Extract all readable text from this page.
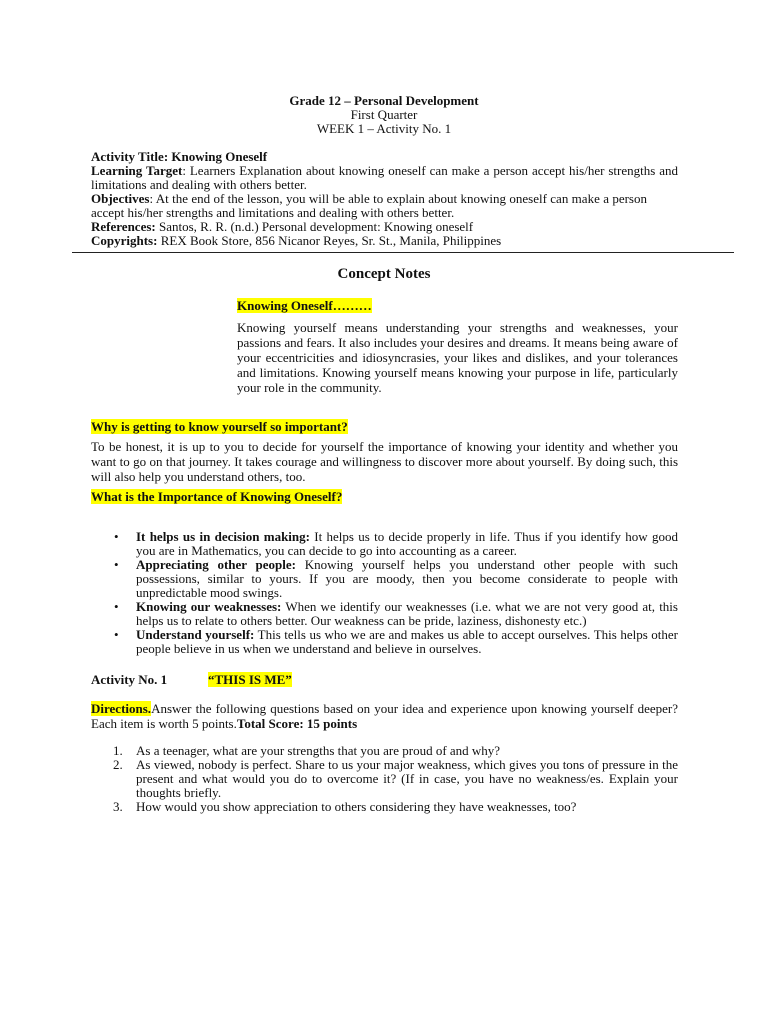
Grade 12 – Personal Development
First Quarter
WEEK 1 – Activity No. 1
Activity Title: Knowing Oneself
Learning Target: Learners Explanation about knowing oneself can make a person accept his/her strengths and limitations and dealing with others better.
Objectives: At the end of the lesson, you will be able to explain about knowing oneself can make a person accept his/her strengths and limitations and dealing with others better.
References: Santos, R. R. (n.d.) Personal development: Knowing oneself
Copyrights: REX Book Store, 856 Nicanor Reyes, Sr. St., Manila, Philippines
Concept Notes
Knowing Oneself………
Knowing yourself means understanding your strengths and weaknesses, your passions and fears. It also includes your desires and dreams. It means being aware of your eccentricities and idiosyncrasies, your likes and dislikes, and your tolerances and limitations. Knowing yourself means knowing your purpose in life, particularly your role in the community.
Why is getting to know yourself so important?
To be honest, it is up to you to decide for yourself the importance of knowing your identity and whether you want to go on that journey. It takes courage and willingness to discover more about yourself. By doing such, this will also help you understand others, too.
What is the Importance of Knowing Oneself?
• It helps us in decision making: It helps us to decide properly in life. Thus if you identify how good you are in Mathematics, you can decide to go into accounting as a career.
• Appreciating other people: Knowing yourself helps you understand other people with such possessions, similar to yours. If you are moody, then you become considerate to people with unpredictable mood swings.
• Knowing our weaknesses: When we identify our weaknesses (i.e. what we are not very good at, this helps us to relate to others better. Our weakness can be pride, laziness, dishonesty etc.)
• Understand yourself: This tells us who we are and makes us able to accept ourselves. This helps other people believe in us when we understand and believe in ourselves.
Activity No. 1	“THIS IS ME”
Directions.Answer the following questions based on your idea and experience upon knowing yourself deeper? Each item is worth 5 points.Total Score: 15 points
1. As a teenager, what are your strengths that you are proud of and why?
2. As viewed, nobody is perfect. Share to us your major weakness, which gives you tons of pressure in the present and what would you do to overcome it? (If in case, you have no weakness/es. Explain your thoughts briefly.
3. How would you show appreciation to others considering they have weaknesses, too?
